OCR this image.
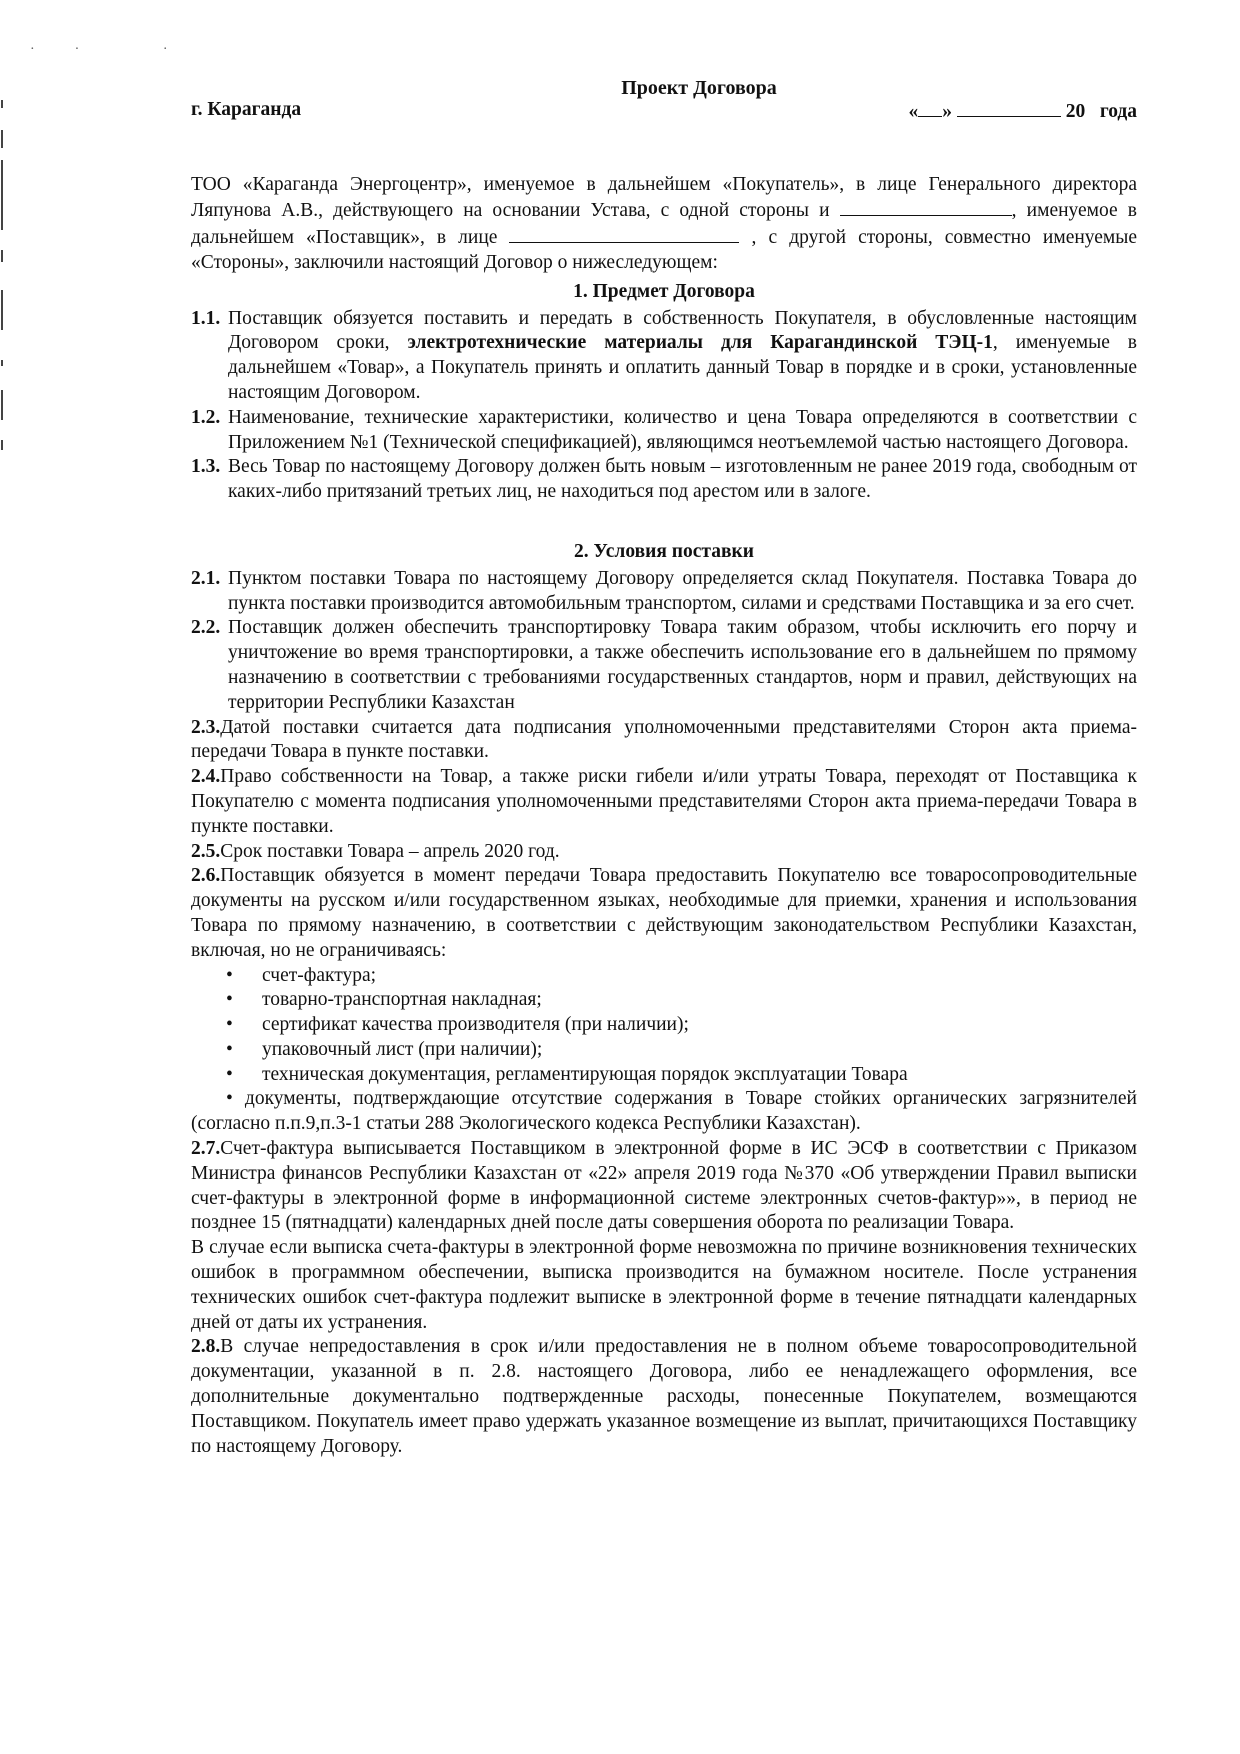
·· ·
Проект Договора
г. Караганда	« »	20   года
ТОО «Караганда Энергоцентр», именуемое в дальнейшем «Покупатель», в лице Генерального директора Ляпунова А.В., действующего на основании Устава, с одной стороны и	, именуемое в дальнейшем «Поставщик», в лице	, с другой стороны, совместно именуемые «Стороны», заключили настоящий Договор о нижеследующем:
1. Предмет Договора
1.1. Поставщик обязуется поставить и передать в собственность Покупателя, в обусловленные настоящим Договором сроки, электротехнические материалы для Карагандинской ТЭЦ-1, именуемые в дальнейшем «Товар», а Покупатель принять и оплатить данный Товар в порядке и в сроки, установленные настоящим Договором.
1.2. Наименование, технические характеристики, количество и цена Товара определяются в соответствии с Приложением №1 (Технической спецификацией), являющимся неотъемлемой частью настоящего Договора.
1.3. Весь Товар по настоящему Договору должен быть новым – изготовленным не ранее 2019 года, свободным от каких-либо притязаний третьих лиц, не находиться под арестом или в залоге.
2. Условия поставки
2.1. Пунктом поставки Товара по настоящему Договору определяется склад Покупателя. Поставка Товара до пункта поставки производится автомобильным транспортом, силами и средствами Поставщика и за его счет.
2.2. Поставщик должен обеспечить транспортировку Товара таким образом, чтобы исключить его порчу и уничтожение во время транспортировки, а также обеспечить использование его в дальнейшем по прямому назначению в соответствии с требованиями государственных стандартов, норм и правил, действующих на территории Республики Казахстан
2.3.Датой поставки считается дата подписания уполномоченными представителями Сторон акта приема-передачи Товара в пункте поставки.
2.4.Право собственности на Товар, а также риски гибели и/или утраты Товара, переходят от Поставщика к Покупателю с момента подписания уполномоченными представителями Сторон акта приема-передачи Товара в пункте поставки.
2.5.Срок поставки Товара – апрель 2020 год.
2.6.Поставщик обязуется в момент передачи Товара предоставить Покупателю все товаросопроводительные документы на русском и/или государственном языках, необходимые для приемки, хранения и использования Товара по прямому назначению, в соответствии с действующим законодательством Республики Казахстан, включая, но не ограничиваясь:
• счет-фактура;
• товарно-транспортная накладная;
• сертификат качества производителя (при наличии);
• упаковочный лист (при наличии);
• техническая документация, регламентирующая порядок эксплуатации Товара
• документы, подтверждающие отсутствие содержания в Товаре стойких органических загрязнителей (согласно п.п.9,п.3-1 статьи 288 Экологического кодекса Республики Казахстан).
2.7.Счет-фактура выписывается Поставщиком в электронной форме в ИС ЭСФ в соответствии с Приказом Министра финансов Республики Казахстан от «22» апреля 2019 года №370 «Об утверждении Правил выписки счет-фактуры в электронной форме в информационной системе электронных счетов-фактур»», в период не позднее 15 (пятнадцати) календарных дней после даты совершения оборота по реализации Товара.
В случае если выписка счета-фактуры в электронной форме невозможна по причине возникновения технических ошибок в программном обеспечении, выписка производится на бумажном носителе. После устранения технических ошибок счет-фактура подлежит выписке в электронной форме в течение пятнадцати календарных дней от даты их устранения.
2.8.В случае непредоставления в срок и/или предоставления не в полном объеме товаросопроводительной документации, указанной в п. 2.8. настоящего Договора, либо ее ненадлежащего оформления, все дополнительные документально подтвержденные расходы, понесенные Покупателем, возмещаются Поставщиком. Покупатель имеет право удержать указанное возмещение из выплат, причитающихся Поставщику по настоящему Договору.
